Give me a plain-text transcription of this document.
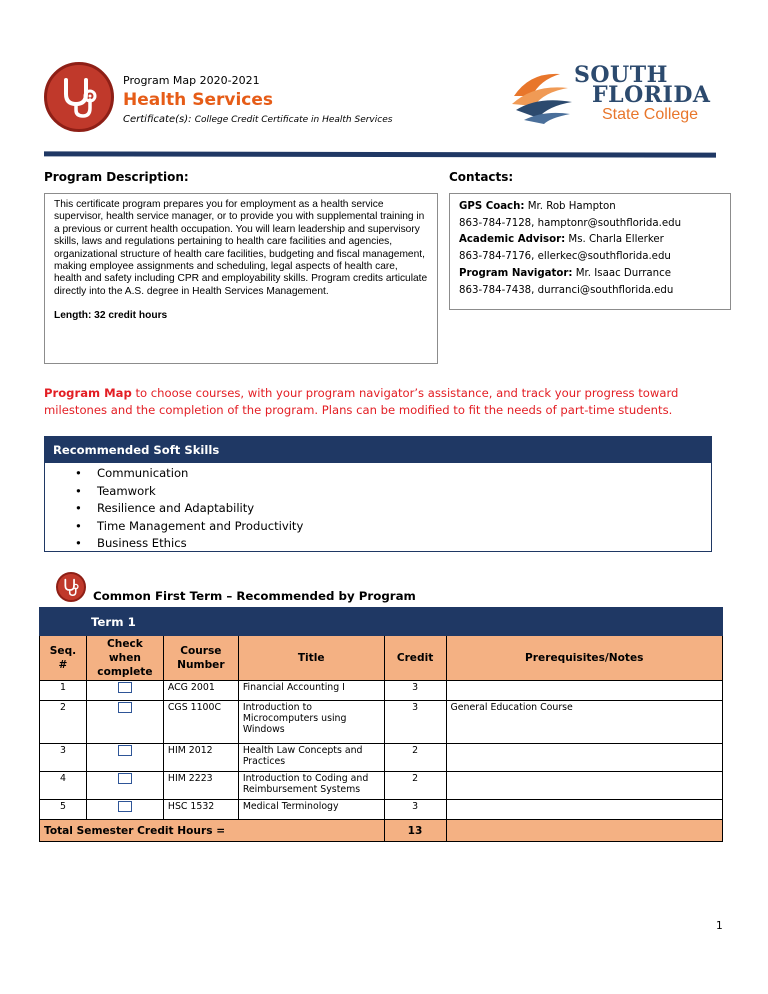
Program Map 2020-2021
Health Services
Certificate(s): College Credit Certificate in Health Services
SOUTH
FLORIDA
State College
Program Description:	Contacts:
This certificate program prepares you for employment as a health service supervisor, health service manager, or to provide you with supplemental training in a previous or current health occupation. You will learn leadership and supervisory skills, laws and regulations pertaining to health care facilities and agencies, organizational structure of health care facilities, budgeting and fiscal management, making employee assignments and scheduling, legal aspects of health care, health and safety including CPR and employability skills. Program credits articulate directly into the A.S. degree in Health Services Management.
Length: 32 credit hours
GPS Coach: Mr. Rob Hampton
863-784-7128, hamptonr@southflorida.edu
Academic Advisor: Ms. Charla Ellerker
863-784-7176, ellerkec@southflorida.edu
Program Navigator: Mr. Isaac Durrance
863-784-7438, durranci@southflorida.edu
Program Map to choose courses, with your program navigator’s assistance, and track your progress toward milestones and the completion of the program. Plans can be modified to fit the needs of part-time students.
Recommended Soft Skills
• Communication
• Teamwork
• Resilience and Adaptability
• Time Management and Productivity
• Business Ethics
Common First Term – Recommended by Program
	Term 1				
Seq. #	Check when complete	Course Number	Title	Credit	Prerequisites/Notes
1		ACG 2001	Financial Accounting I	3	
2		CGS 1100C	Introduction to Microcomputers using Windows	3	General Education Course
3		HIM 2012	Health Law Concepts and Practices	2	
4		HIM 2223	Introduction to Coding and Reimbursement Systems	2	
5		HSC 1532	Medical Terminology	3	
Total Semester Credit Hours =				13	
1
